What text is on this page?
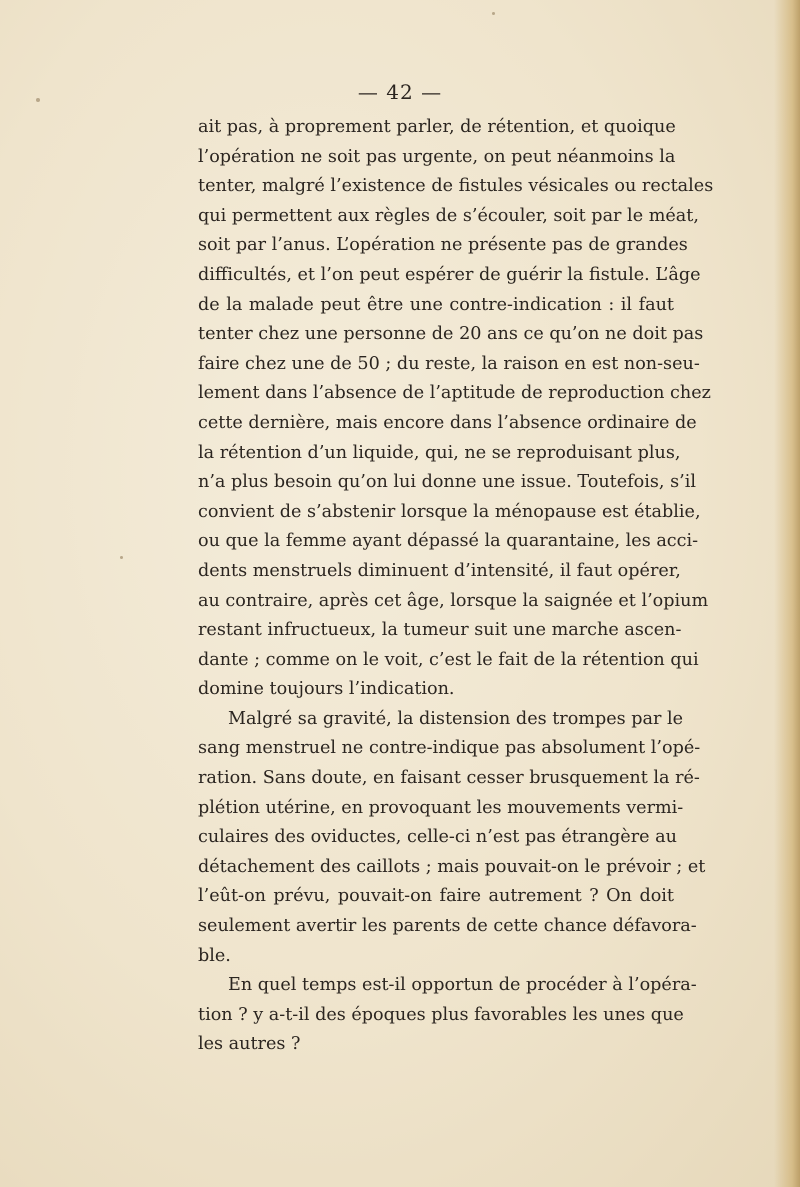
— 42 —
ait pas, à proprement parler, de rétention, et quoique
l’opération ne soit pas urgente, on peut néanmoins la
tenter, malgré l’existence de fistules vésicales ou rectales
qui permettent aux règles de s’écouler, soit par le méat,
soit par l’anus. L’opération ne présente pas de grandes
difficultés, et l’on peut espérer de guérir la fistule. L’âge
de la malade peut être une contre-indication : il faut
tenter chez une personne de 20 ans ce qu’on ne doit pas
faire chez une de 50 ; du reste, la raison en est non-seu-
lement dans l’absence de l’aptitude de reproduction chez
cette dernière, mais encore dans l’absence ordinaire de
la rétention d’un liquide, qui, ne se reproduisant plus,
n’a plus besoin qu’on lui donne une issue. Toutefois, s’il
convient de s’abstenir lorsque la ménopause est établie,
ou que la femme ayant dépassé la quarantaine, les acci-
dents menstruels diminuent d’intensité, il faut opérer,
au contraire, après cet âge, lorsque la saignée et l’opium
restant infructueux, la tumeur suit une marche ascen-
dante ; comme on le voit, c’est le fait de la rétention qui
domine toujours l’indication.
Malgré sa gravité, la distension des trompes par le
sang menstruel ne contre-indique pas absolument l’opé-
ration. Sans doute, en faisant cesser brusquement la ré-
plétion utérine, en provoquant les mouvements vermi-
culaires des oviductes, celle-ci n’est pas étrangère au
détachement des caillots ; mais pouvait-on le prévoir ; et
l’eût-on prévu, pouvait-on faire autrement ? On doit
seulement avertir les parents de cette chance défavora-
ble.
En quel temps est-il opportun de procéder à l’opéra-
tion ? y a-t-il des époques plus favorables les unes que
les autres ?
